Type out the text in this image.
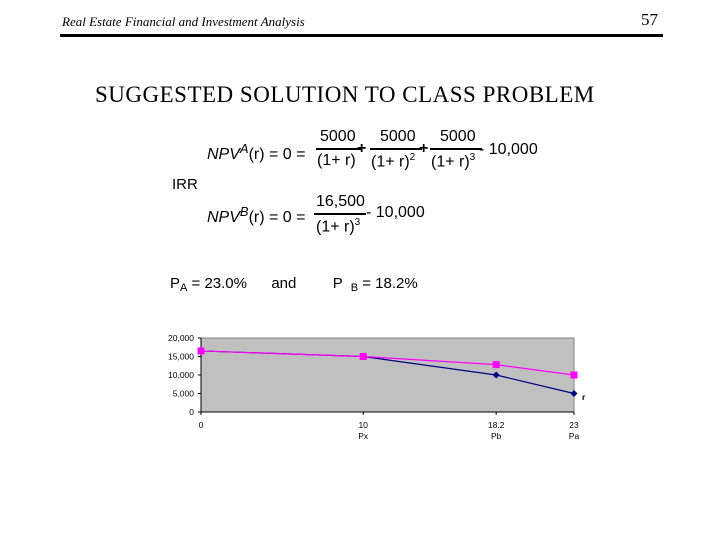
Real Estate Financial and Investment Analysis	57
SUGGESTED SOLUTION TO CLASS PROBLEM
$NPV^A(r) = 0$ =
5000
(1+ r)
+
5000
$(1+ r)^2$
+
5000
$(1+ r)^3 - 10,000$
IRR
$NPV^B(r) = 0$ =
16,500
$(1+ r)^3$
- 10,000
$P_A = 23.0\%$ and P $_B$ = 18.2%
0
5,000
10,000
15,000
20,000
0	10
Px
18.2
Pb
23
Pa
r
